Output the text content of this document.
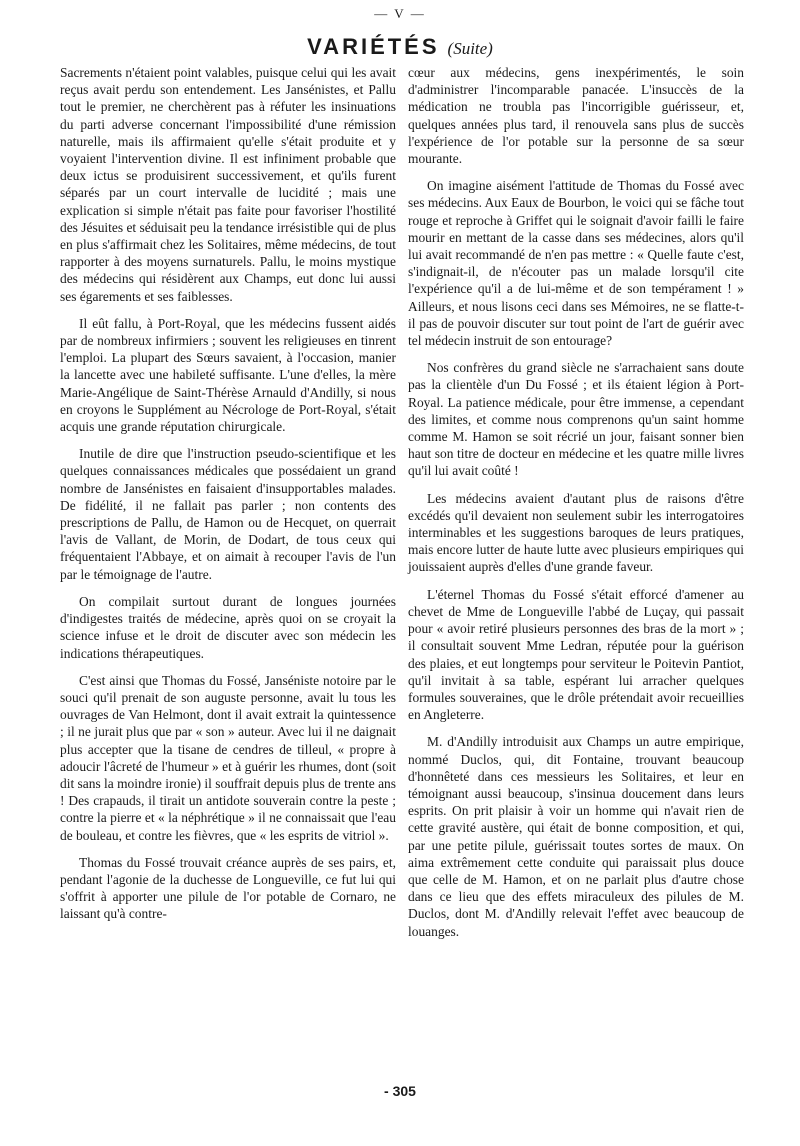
— V —
VARIÉTÉS (Suite)

Sacrements n'étaient point valables, puisque celui qui les avait reçus avait perdu son entendement. Les Jansénistes, et Pallu tout le premier, ne cherchèrent pas à réfuter les insinuations du parti adverse concernant l'impossibilité d'une rémission naturelle, mais ils affirmaient qu'elle s'était produite et y voyaient l'intervention divine. Il est infiniment probable que deux ictus se produisirent successivement, et qu'ils furent séparés par un court intervalle de lucidité ; mais une explication si simple n'était pas faite pour favoriser l'hostilité des Jésuites et séduisait peu la tendance irrésistible qui de plus en plus s'affirmait chez les Solitaires, même médecins, de tout rapporter à des moyens surnaturels. Pallu, le moins mystique des médecins qui résidèrent aux Champs, eut donc lui aussi ses égarements et ses faiblesses.

Il eût fallu, à Port-Royal, que les médecins fussent aidés par de nombreux infirmiers ; souvent les religieuses en tinrent l'emploi. La plupart des Sœurs savaient, à l'occasion, manier la lancette avec une habileté suffisante. L'une d'elles, la mère Marie-Angélique de Saint-Thérèse Arnauld d'Andilly, si nous en croyons le Supplément au Nécrologe de Port-Royal, s'était acquis une grande réputation chirurgicale.

Inutile de dire que l'instruction pseudo-scientifique et les quelques connaissances médicales que possédaient un grand nombre de Jansénistes en faisaient d'insupportables malades. De fidélité, il ne fallait pas parler ; non contents des prescriptions de Pallu, de Hamon ou de Hecquet, on querrait l'avis de Vallant, de Morin, de Dodart, de tous ceux qui fréquentaient l'Abbaye, et on aimait à recouper l'avis de l'un par le témoignage de l'autre.

On compilait surtout durant de longues journées d'indigestes traités de médecine, après quoi on se croyait la science infuse et le droit de discuter avec son médecin les indications thérapeutiques.

C'est ainsi que Thomas du Fossé, Janséniste notoire par le souci qu'il prenait de son auguste personne, avait lu tous les ouvrages de Van Helmont, dont il avait extrait la quintessence ; il ne jurait plus que par « son » auteur. Avec lui il ne daignait plus accepter que la tisane de cendres de tilleul, « propre à adoucir l'âcreté de l'humeur » et à guérir les rhumes, dont (soit dit sans la moindre ironie) il souffrait depuis plus de trente ans ! Des crapauds, il tirait un antidote souverain contre la peste ; contre la pierre et « la néphrétique » il ne connaissait que l'eau de bouleau, et contre les fièvres, que « les esprits de vitriol ».

Thomas du Fossé trouvait créance auprès de ses pairs, et, pendant l'agonie de la duchesse de Longueville, ce fut lui qui s'offrit à apporter une pilule de l'or potable de Cornaro, ne laissant qu'à contre-

cœur aux médecins, gens inexpérimentés, le soin d'administrer l'incomparable panacée. L'insuccès de la médication ne troubla pas l'incorrigible guérisseur, et, quelques années plus tard, il renouvela sans plus de succès l'expérience de l'or potable sur la personne de sa sœur mourante.

On imagine aisément l'attitude de Thomas du Fossé avec ses médecins. Aux Eaux de Bourbon, le voici qui se fâche tout rouge et reproche à Griffet qui le soignait d'avoir failli le faire mourir en mettant de la casse dans ses médecines, alors qu'il lui avait recommandé de n'en pas mettre : « Quelle faute c'est, s'indignait-il, de n'écouter pas un malade lorsqu'il cite l'expérience qu'il a de lui-même et de son tempérament ! » Ailleurs, et nous lisons ceci dans ses Mémoires, ne se flatte-t-il pas de pouvoir discuter sur tout point de l'art de guérir avec tel médecin instruit de son entourage?

Nos confrères du grand siècle ne s'arrachaient sans doute pas la clientèle d'un Du Fossé ; et ils étaient légion à Port-Royal. La patience médicale, pour être immense, a cependant des limites, et comme nous comprenons qu'un saint homme comme M. Hamon se soit récrié un jour, faisant sonner bien haut son titre de docteur en médecine et les quatre mille livres qu'il lui avait coûté !

Les médecins avaient d'autant plus de raisons d'être excédés qu'il devaient non seulement subir les interrogatoires interminables et les suggestions baroques de leurs pratiques, mais encore lutter de haute lutte avec plusieurs empiriques qui jouissaient auprès d'elles d'une grande faveur.

L'éternel Thomas du Fossé s'était efforcé d'amener au chevet de Mme de Longueville l'abbé de Luçay, qui passait pour « avoir retiré plusieurs personnes des bras de la mort » ; il consultait souvent Mme Ledran, réputée pour la guérison des plaies, et eut longtemps pour serviteur le Poitevin Pantiot, qu'il invitait à sa table, espérant lui arracher quelques formules souveraines, que le drôle prétendait avoir recueillies en Angleterre.

M. d'Andilly introduisit aux Champs un autre empirique, nommé Duclos, qui, dit Fontaine, trouvant beaucoup d'honnêteté dans ces messieurs les Solitaires, et leur en témoignant aussi beaucoup, s'insinua doucement dans leurs esprits. On prit plaisir à voir un homme qui n'avait rien de cette gravité austère, qui était de bonne composition, et qui, par une petite pilule, guérissait toutes sortes de maux. On aima extrêmement cette conduite qui paraissait plus douce que celle de M. Hamon, et on ne parlait plus d'autre chose dans ce lieu que des effets miraculeux des pilules de M. Duclos, dont M. d'Andilly relevait l'effet avec beaucoup de louanges.

- 305
